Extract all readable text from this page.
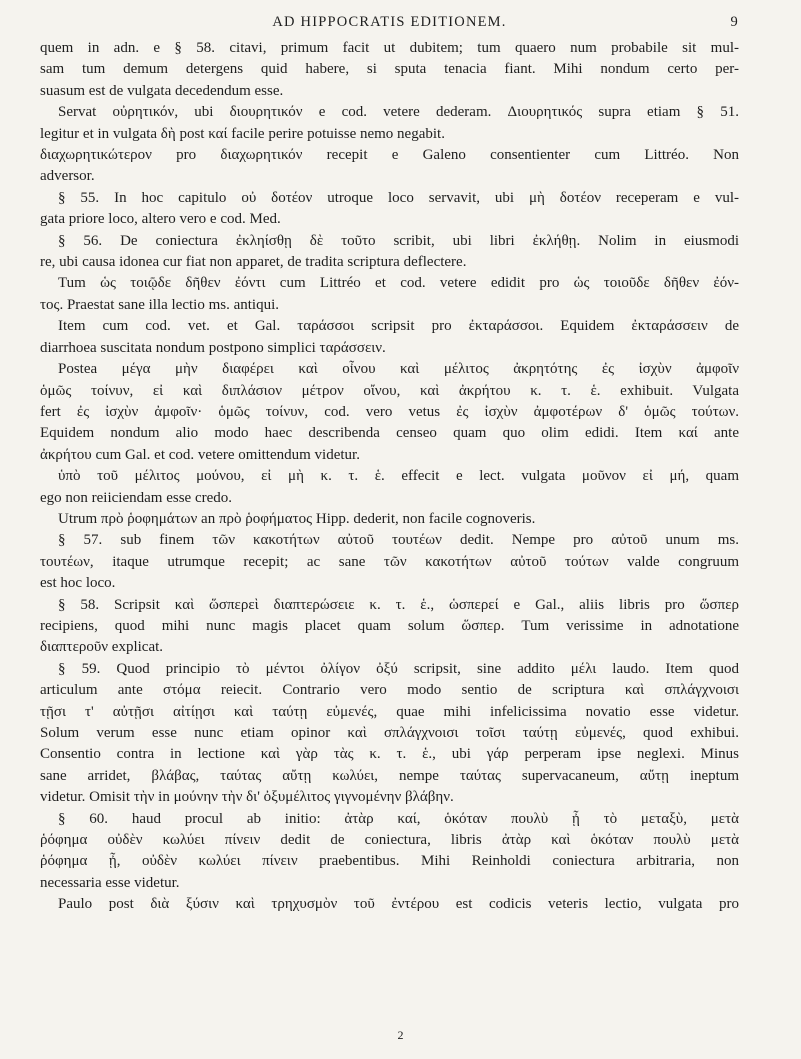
AD HIPPOCRATIS EDITIONEM.	9
quem in adn. e § 58. citavi, primum facit ut dubitem; tum quaero num probabile sit mul-
sam tum demum detergens quid habere, si sputa tenacia fiant. Mihi nondum certo per-
suasum est de vulgata decedendum esse.
Servat οὐρητικόν, ubi διουρητικόν e cod. vetere dederam. Διουρητικός supra etiam § 51.
legitur et in vulgata δὴ post καί facile perire potuisse nemo negabit.
διαχωρητικώτερον pro διαχωρητικόν recepit e Galeno consentienter cum Littréo. Non
adversor.
§ 55. In hoc capitulo οὐ δοτέον utroque loco servavit, ubi μὴ δοτέον receperam e vul-
gata priore loco, altero vero e cod. Med.
§ 56. De coniectura ἐκληίσθῃ δὲ τοῦτο scribit, ubi libri ἐκλήθῃ. Nolim in eiusmodi
re, ubi causa idonea cur fiat non apparet, de tradita scriptura deflectere.
Tum ὡς τοιῷδε δῆθεν ἐόντι cum Littréo et cod. vetere edidit pro ὡς τοιοῦδε δῆθεν ἐόν-
τος. Praestat sane illa lectio ms. antiqui.
Item cum cod. vet. et Gal. ταράσσοι scripsit pro ἐκταράσσοι. Equidem ἐκταράσσειν de
diarrhoea suscitata nondum postpono simplici ταράσσειν.
Postea μέγα μὴν διαφέρει καὶ οἶνου καὶ μέλιτος ἀκρητότης ἐς ἰσχὺν ἀμφοῖν
ὁμῶς τοίνυν, εἰ καὶ διπλάσιον μέτρον οἴνου, καὶ ἀκρήτου κ. τ. ἑ. exhibuit. Vulgata
fert ἐς ἰσχὺν ἀμφοῖν· ὁμῶς τοίνυν, cod. vero vetus ἐς ἰσχὺν ἀμφοτέρων δ' ὁμῶς τούτων.
Equidem nondum alio modo haec describenda censeo quam quo olim edidi. Item καί ante
ἀκρήτου cum Gal. et cod. vetere omittendum videtur.
ὑπὸ τοῦ μέλιτος μούνου, εἰ μὴ κ. τ. ἑ. effecit e lect. vulgata μοῦνον εἰ μή, quam
ego non reiiciendam esse credo.
Utrum πρὸ ῥοφημάτων an πρὸ ῥοφήματος Hipp. dederit, non facile cognoveris.
§ 57. sub finem τῶν κακοτήτων αὐτοῦ τουτέων dedit. Nempe pro αὐτοῦ unum ms.
τουτέων, itaque utrumque recepit; ac sane τῶν κακοτήτων αὐτοῦ τούτων valde congruum
est hoc loco.
§ 58. Scripsit καὶ ὥσπερεὶ διαπτερώσειε κ. τ. ἑ., ὡσπερεί e Gal., aliis libris pro ὥσπερ
recipiens, quod mihi nunc magis placet quam solum ὥσπερ. Tum verissime in adnotatione
διαπτεροῦν explicat.
§ 59. Quod principio τὸ μέντοι ὀλίγον ὀξύ scripsit, sine addito μέλι laudo. Item quod
articulum ante στόμα reiecit. Contrario vero modo sentio de scriptura καὶ σπλάγχνοισι
τῇσι τ' αὐτῇσι αἰτίῃσι καὶ ταύτῃ εὐμενές, quae mihi infelicissima novatio esse videtur.
Solum verum esse nunc etiam opinor καὶ σπλάγχνοισι τοῖσι ταύτῃ εὐμενές, quod exhibui.
Consentio contra in lectione καὶ γὰρ τὰς κ. τ. ἑ., ubi γάρ perperam ipse neglexi. Minus
sane arridet, βλάβας, ταύτας αὔτῃ κωλύει, nempe ταύτας supervacaneum, αὔτῃ ineptum
videtur. Omisit τὴν in μούνην τὴν δι' ὀξυμέλιτος γιγνομένην βλάβην.
§ 60. haud procul ab initio: ἀτὰρ καί, ὁκόταν πουλὺ ᾖ τὸ μεταξὺ, μετὰ
ῥόφημα οὐδὲν κωλύει πίνειν dedit de coniectura, libris ἀτὰρ καὶ ὁκόταν πουλὺ μετὰ
ῥόφημα ᾖ, οὐδὲν κωλύει πίνειν praebentibus. Mihi Reinholdi coniectura arbitraria, non
necessaria esse videtur.
Paulo post διὰ ξύσιν καὶ τρηχυσμὸν τοῦ ἐντέρου est codicis veteris lectio, vulgata pro
2
